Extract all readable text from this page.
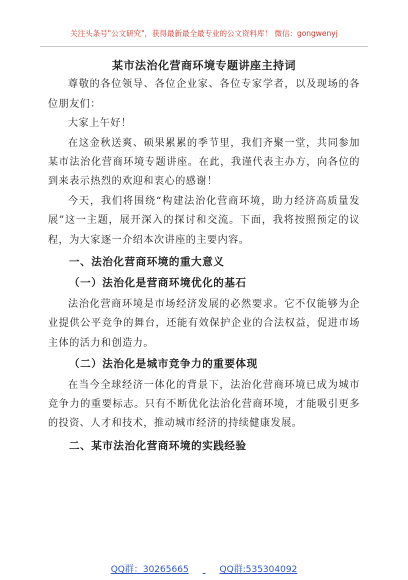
关注头条号"公文研究"，获得最新最全最专业的公文资料库！ 微信：gongwenyj
某市法治化营商环境专题讲座主持词

尊敬的各位领导、各位企业家、各位专家学者，以及现场的各位朋友们：

大家上午好！

在这金秋送爽、硕果累累的季节里，我们齐聚一堂，共同参加某市法治化营商环境专题讲座。在此，我谨代表主办方，向各位的到来表示热烈的欢迎和衷心的感谢！

今天，我们将围绕“构建法治化营商环境，助力经济高质量发展”这一主题，展开深入的探讨和交流。下面，我将按照预定的议程，为大家逐一介绍本次讲座的主要内容。

一、法治化营商环境的重大意义
（一）法治化是营商环境优化的基石

法治化营商环境是市场经济发展的必然要求。它不仅能够为企业提供公平竞争的舞台，还能有效保护企业的合法权益，促进市场主体的活力和创造力。

（二）法治化是城市竞争力的重要体现

在当今全球经济一体化的背景下，法治化营商环境已成为城市竞争力的重要标志。只有不断优化法治化营商环境，才能吸引更多的投资、人才和技术，推动城市经济的持续健康发展。

二、某市法治化营商环境的实践经验
QQ群：30265665	QQ群:535304092
